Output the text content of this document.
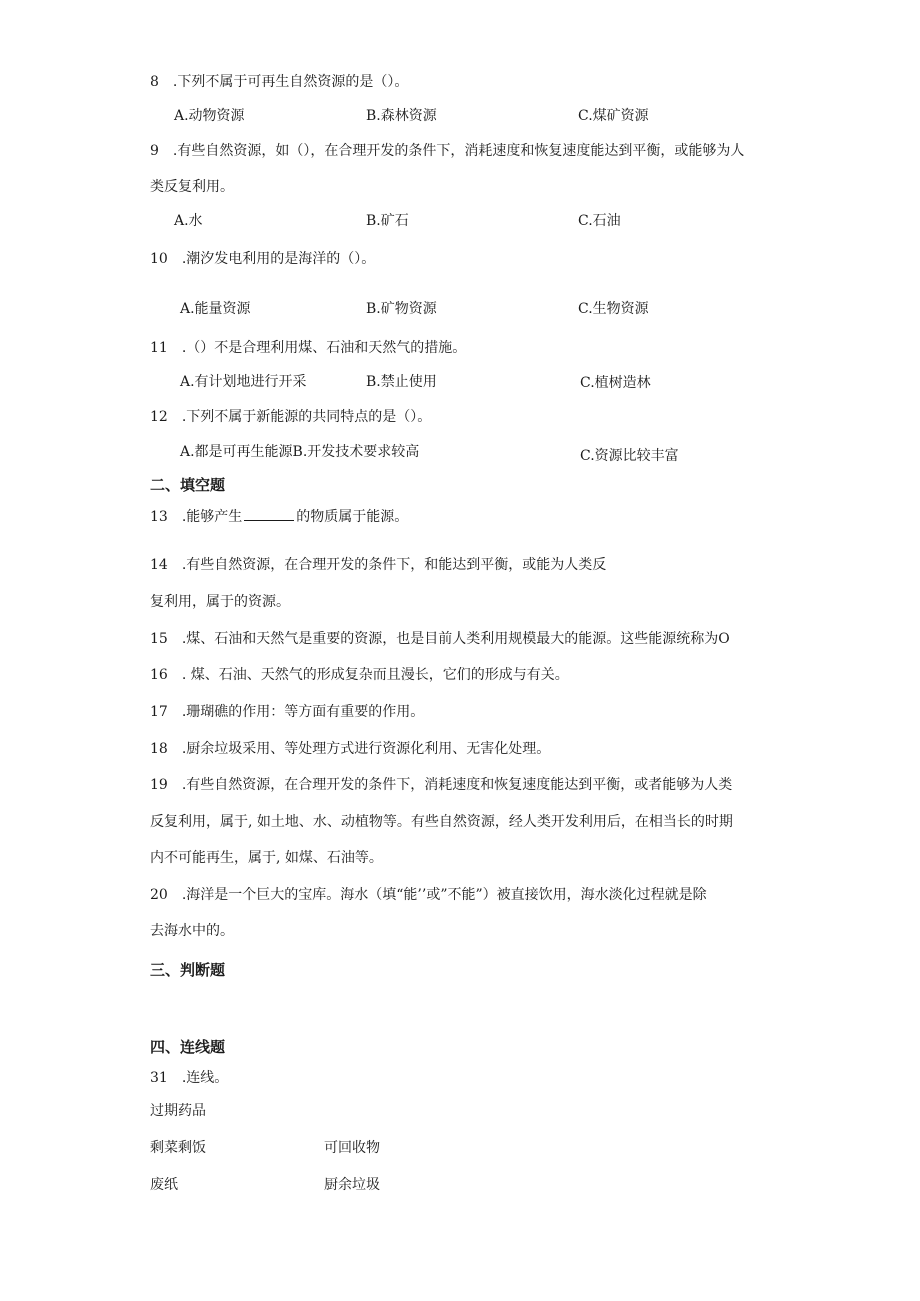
8　.下列不属于可再生自然资源的是（）。
A.动物资源	B.森林资源	C.煤矿资源
9　.有些自然资源，如（），在合理开发的条件下，消耗速度和恢复速度能达到平衡，或能够为人
类反复利用。
A.水	B.矿石	C.石油
10　.潮汐发电利用的是海洋的（）。
A.能量资源	B.矿物资源	C.生物资源
11　.（）不是合理利用煤、石油和天然气的措施。
A.有计划地进行开采	B.禁止使用	C.植树造林
12　.下列不属于新能源的共同特点的是（）。
A.都是可再生能源B.开发技术要求较高	C.资源比较丰富
二、填空题
13　.能够产生	的物质属于能源。
14　.有些自然资源，在合理开发的条件下，和能达到平衡，或能为人类反
复利用，属于的资源。
15　.煤、石油和天然气是重要的资源，也是目前人类利用规模最大的能源。这些能源统称为O
16　. 煤、石油、天然气的形成复杂而且漫长，它们的形成与有关。
17　.珊瑚礁的作用：等方面有重要的作用。
18　.厨余垃圾采用、等处理方式进行资源化利用、无害化处理。
19　.有些自然资源，在合理开发的条件下，消耗速度和恢复速度能达到平衡，或者能够为人类
反复利用，属于, 如土地、水、动植物等。有些自然资源，经人类开发利用后，在相当长的时期
内不可能再生，属于, 如煤、石油等。
20　.海洋是一个巨大的宝库。海水（填“能’’或”不能”）被直接饮用，海水淡化过程就是除
去海水中的。
三、判断题
四、连线题
31　.连线。
过期药品
剩菜剩饭	可回收物
废纸	厨余垃圾
